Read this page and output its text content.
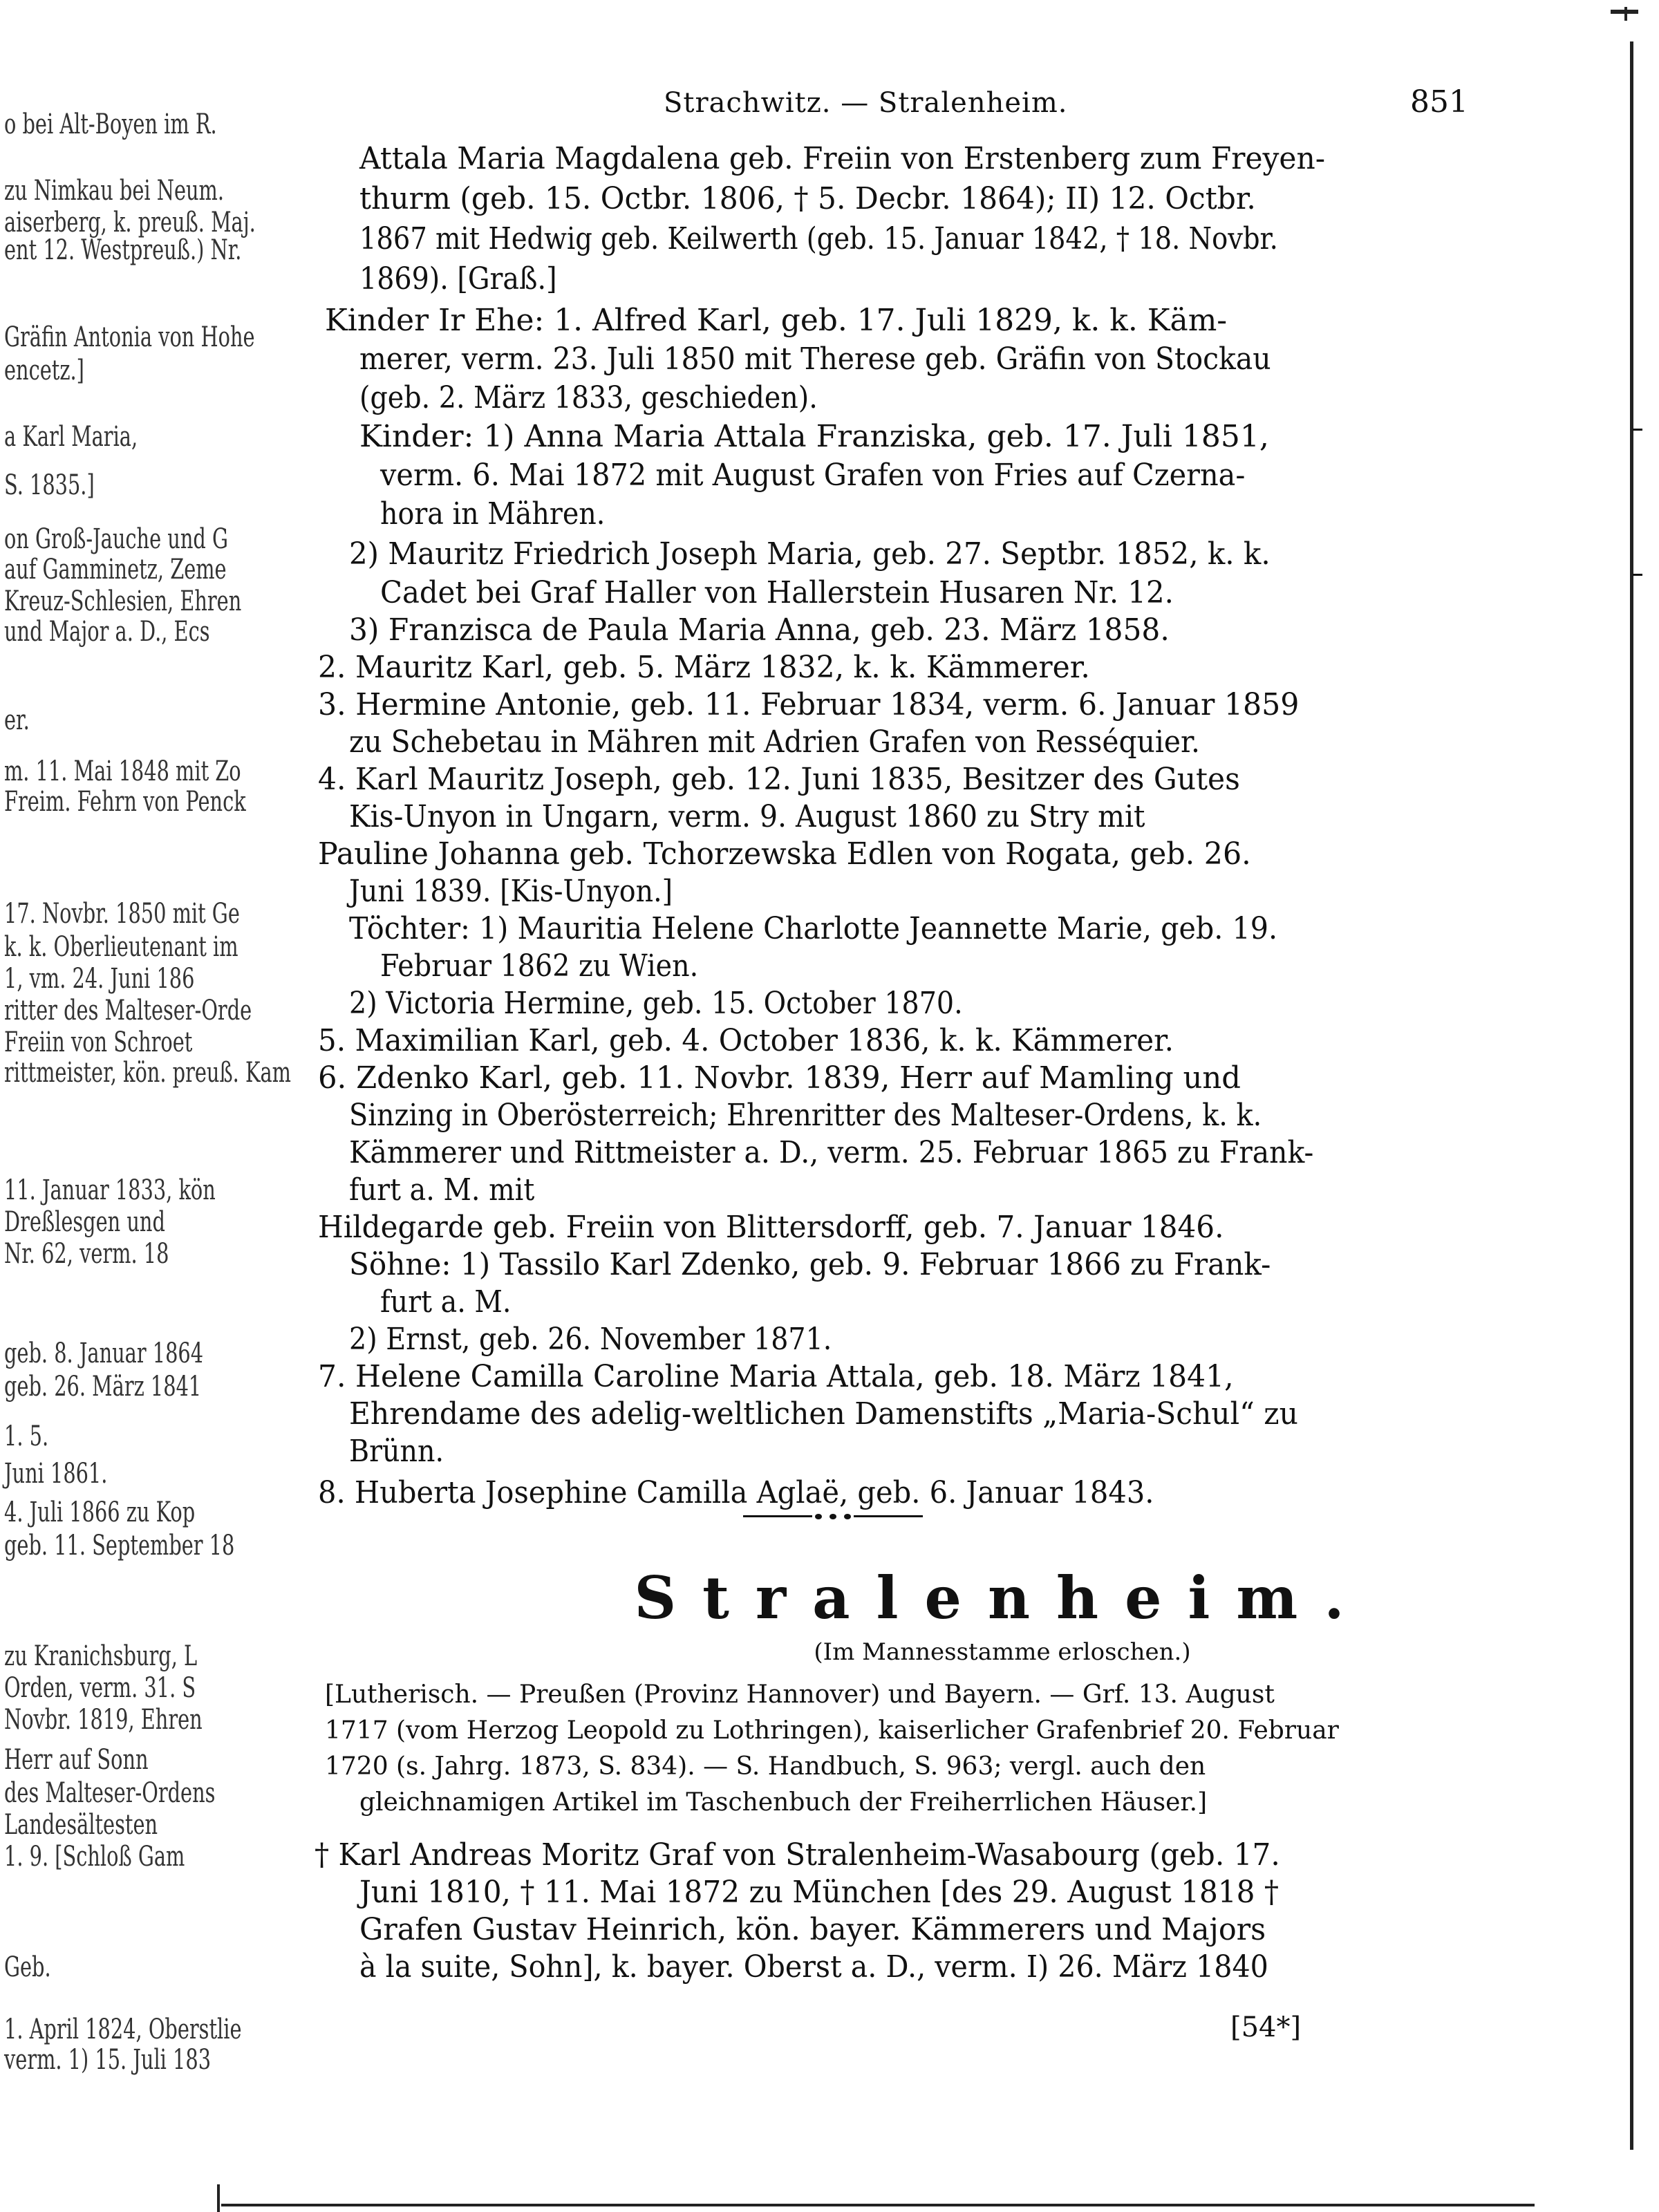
o bei Alt-Boyen im R.
zu Nimkau bei Neum.
aiserberg, k. preuß. Maj.
ent 12. Westpreuß.) Nr.
Gräfin Antonia von Hohe
encetz.]
a Karl Maria,
S. 1835.]
on Groß-Jauche und G
auf Gamminetz, Zeme
Kreuz-Schlesien, Ehren
und Major a. D., Ecs
er.
m. 11. Mai 1848 mit Zo
Freim. Fehrn von Penck
17. Novbr. 1850 mit Ge
k. k. Oberlieutenant im
1, vm. 24. Juni 186
ritter des Malteser-Orde
Freiin von Schroet
rittmeister, kön. preuß. Kam
11. Januar 1833, kön
Dreßlesgen und
Nr. 62, verm. 18
geb. 8. Januar 1864
geb. 26. März 1841
1. 5.
Juni 1861.
4. Juli 1866 zu Kop
geb. 11. September 18
zu Kranichsburg, L
Orden, verm. 31. S
Novbr. 1819, Ehren
Herr auf Sonn
des Malteser-Ordens
Landesältesten
1. 9. [Schloß Gam
Geb.
1. April 1824, Oberstlie
verm. 1) 15. Juli 183
Strachwitz. — Stralenheim.	851
Attala Maria Magdalena geb. Freiin von Erstenberg zum Freyen-
thurm (geb. 15. Octbr. 1806, † 5. Decbr. 1864); II) 12. Octbr.
1867 mit Hedwig geb. Keilwerth (geb. 15. Januar 1842, † 18. Novbr.
1869). [Graß.]
Kinder Ir Ehe: 1. Alfred Karl, geb. 17. Juli 1829, k. k. Käm-
merer, verm. 23. Juli 1850 mit Therese geb. Gräfin von Stockau
(geb. 2. März 1833, geschieden).
Kinder: 1) Anna Maria Attala Franziska, geb. 17. Juli 1851,
verm. 6. Mai 1872 mit August Grafen von Fries auf Czerna-
hora in Mähren.
2) Mauritz Friedrich Joseph Maria, geb. 27. Septbr. 1852, k. k.
Cadet bei Graf Haller von Hallerstein Husaren Nr. 12.
3) Franzisca de Paula Maria Anna, geb. 23. März 1858.
2. Mauritz Karl, geb. 5. März 1832, k. k. Kämmerer.
3. Hermine Antonie, geb. 11. Februar 1834, verm. 6. Januar 1859
zu Schebetau in Mähren mit Adrien Grafen von Resséquier.
4. Karl Mauritz Joseph, geb. 12. Juni 1835, Besitzer des Gutes
Kis-Unyon in Ungarn, verm. 9. August 1860 zu Stry mit
Pauline Johanna geb. Tchorzewska Edlen von Rogata, geb. 26.
Juni 1839. [Kis-Unyon.]
Töchter: 1) Mauritia Helene Charlotte Jeannette Marie, geb. 19.
Februar 1862 zu Wien.
2) Victoria Hermine, geb. 15. October 1870.
5. Maximilian Karl, geb. 4. October 1836, k. k. Kämmerer.
6. Zdenko Karl, geb. 11. Novbr. 1839, Herr auf Mamling und
Sinzing in Oberösterreich; Ehrenritter des Malteser-Ordens, k. k.
Kämmerer und Rittmeister a. D., verm. 25. Februar 1865 zu Frank-
furt a. M. mit
Hildegarde geb. Freiin von Blittersdorff, geb. 7. Januar 1846.
Söhne: 1) Tassilo Karl Zdenko, geb. 9. Februar 1866 zu Frank-
furt a. M.
2) Ernst, geb. 26. November 1871.
7. Helene Camilla Caroline Maria Attala, geb. 18. März 1841,
Ehrendame des adelig-weltlichen Damenstifts „Maria-Schul“ zu
Brünn.
8. Huberta Josephine Camilla Aglaë, geb. 6. Januar 1843.
Stralenheim.
(Im Mannesstamme erloschen.)
[Lutherisch. — Preußen (Provinz Hannover) und Bayern. — Grf. 13. August
1717 (vom Herzog Leopold zu Lothringen), kaiserlicher Grafenbrief 20. Februar
1720 (s. Jahrg. 1873, S. 834). — S. Handbuch, S. 963; vergl. auch den
gleichnamigen Artikel im Taschenbuch der Freiherrlichen Häuser.]
† Karl Andreas Moritz Graf von Stralenheim-Wasabourg (geb. 17.
Juni 1810, † 11. Mai 1872 zu München [des 29. August 1818 †
Grafen Gustav Heinrich, kön. bayer. Kämmerers und Majors
à la suite, Sohn], k. bayer. Oberst a. D., verm. I) 26. März 1840
[54*]
